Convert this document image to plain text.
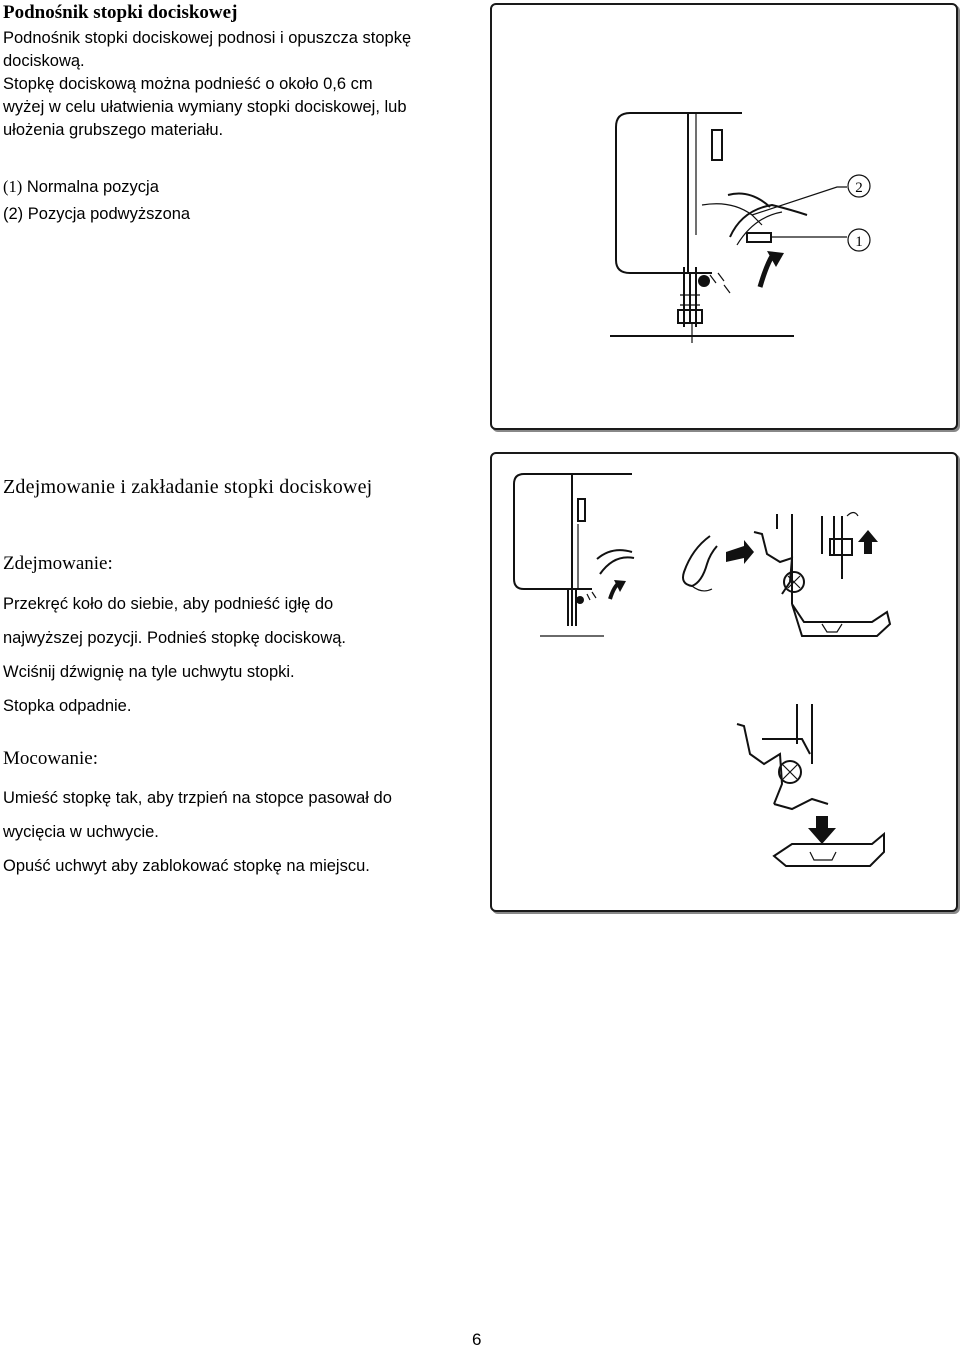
Podnośnik stopki dociskowej
Podnośnik stopki dociskowej podnosi i opuszcza stopkę
dociskową.
Stopkę dociskową można podnieść o około 0,6 cm
wyżej w celu ułatwienia wymiany stopki dociskowej, lub
ułożenia grubszego materiału.
(1) Normalna pozycja
(2) Pozycja podwyższona
2
1
Zdejmowanie i zakładanie stopki dociskowej
Zdejmowanie:
Przekręć koło do siebie, aby podnieść igłę do
najwyższej pozycji. Podnieś stopkę dociskową.
Wciśnij dźwignię na tyle uchwytu stopki.
Stopka odpadnie.
Mocowanie:
Umieść stopkę tak, aby trzpień na stopce pasował do
wycięcia w uchwycie.
Opuść uchwyt aby zablokować stopkę na miejscu.
6
